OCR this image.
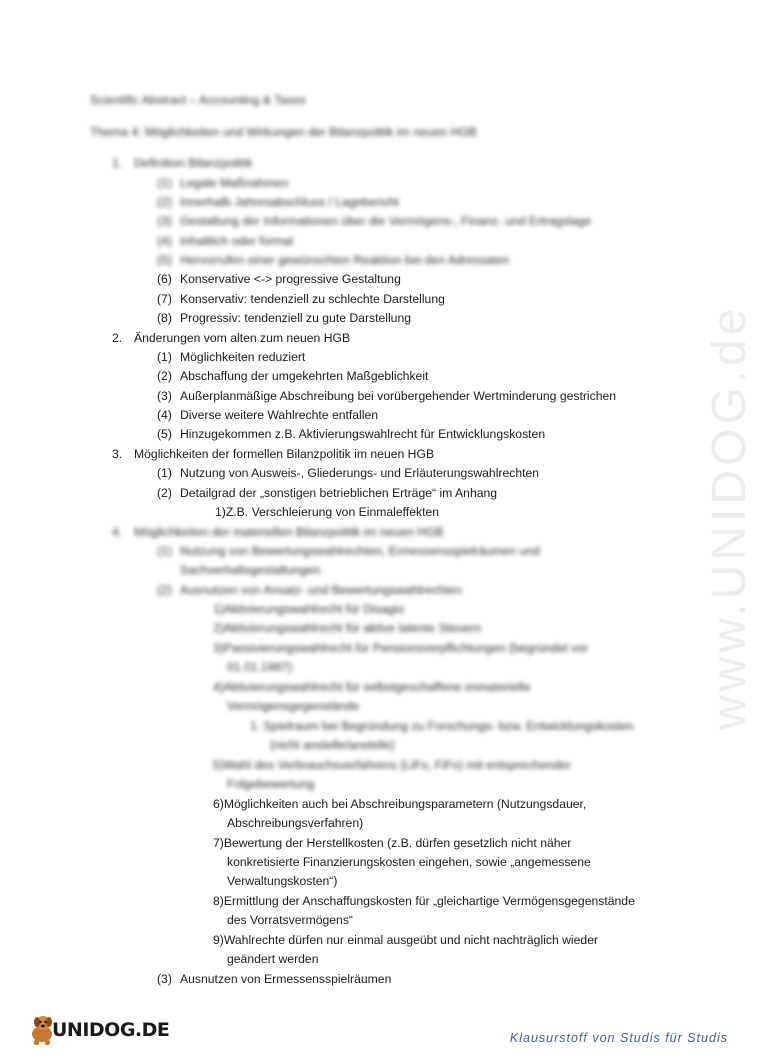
www.UNIDOG.de
Scientific Abstract – Accounting & Taxes
Thema 4: Möglichkeiten und Wirkungen der Bilanzpolitik im neuen HGB
1. Definition Bilanzpolitik
(1) Legale Maßnahmen
(2) Innerhalb Jahresabschluss / Lagebericht
(3) Gestaltung der Informationen über die Vermögens-, Finanz- und Ertragslage
(4) Inhaltlich oder formal
(5) Hervorrufen einer gewünschten Reaktion bei den Adressaten
(6) Konservative <-> progressive Gestaltung
(7) Konservativ: tendenziell zu schlechte Darstellung
(8) Progressiv: tendenziell zu gute Darstellung
2. Änderungen vom alten zum neuen HGB
(1) Möglichkeiten reduziert
(2) Abschaffung der umgekehrten Maßgeblichkeit
(3) Außerplanmäßige Abschreibung bei vorübergehender Wertminderung gestrichen
(4) Diverse weitere Wahlrechte entfallen
(5) Hinzugekommen z.B. Aktivierungswahlrecht für Entwicklungskosten
3. Möglichkeiten der formellen Bilanzpolitik im neuen HGB
(1) Nutzung von Ausweis-, Gliederungs- und Erläuterungswahlrechten
(2) Detailgrad der „sonstigen betrieblichen Erträge“ im Anhang
1)Z.B. Verschleierung von Einmaleffekten
4. Möglichkeiten der materiellen Bilanzpolitik im neuen HGB
(1) Nutzung von Bewertungswahlrechten, Ermessensspielräumen und
Sachverhaltsgestaltungen
(2) Ausnutzen von Ansatz- und Bewertungswahlrechten
1)Aktivierungswahlrecht für Disagio
2)Aktivierungswahlrecht für aktive latente Steuern
3)Passivierungswahlrecht für Pensionsverpflichtungen (begründet vor
01.01.1987)
4)Aktivierungswahlrecht für selbstgeschaffene immaterielle
Vermögensgegenstände
1. Spielraum bei Begründung zu Forschungs- bzw. Entwicklungskosten
(nicht anstelle/anstelle)
5)Wahl des Verbrauchsverfahrens (LiFo, FiFo) mit entsprechender
Folgebewertung
6)Möglichkeiten auch bei Abschreibungsparametern (Nutzungsdauer,
Abschreibungsverfahren)
7)Bewertung der Herstellkosten (z.B. dürfen gesetzlich nicht näher
konkretisierte Finanzierungskosten eingehen, sowie „angemessene
Verwaltungskosten“)
8)Ermittlung der Anschaffungskosten für „gleichartige Vermögensgegenstände
des Vorratsvermögens“
9)Wahlrechte dürfen nur einmal ausgeübt und nicht nachträglich wieder
geändert werden
(3) Ausnutzen von Ermessensspielräumen
UNIDOG.DE	Klausurstoff von Studis für Studis
